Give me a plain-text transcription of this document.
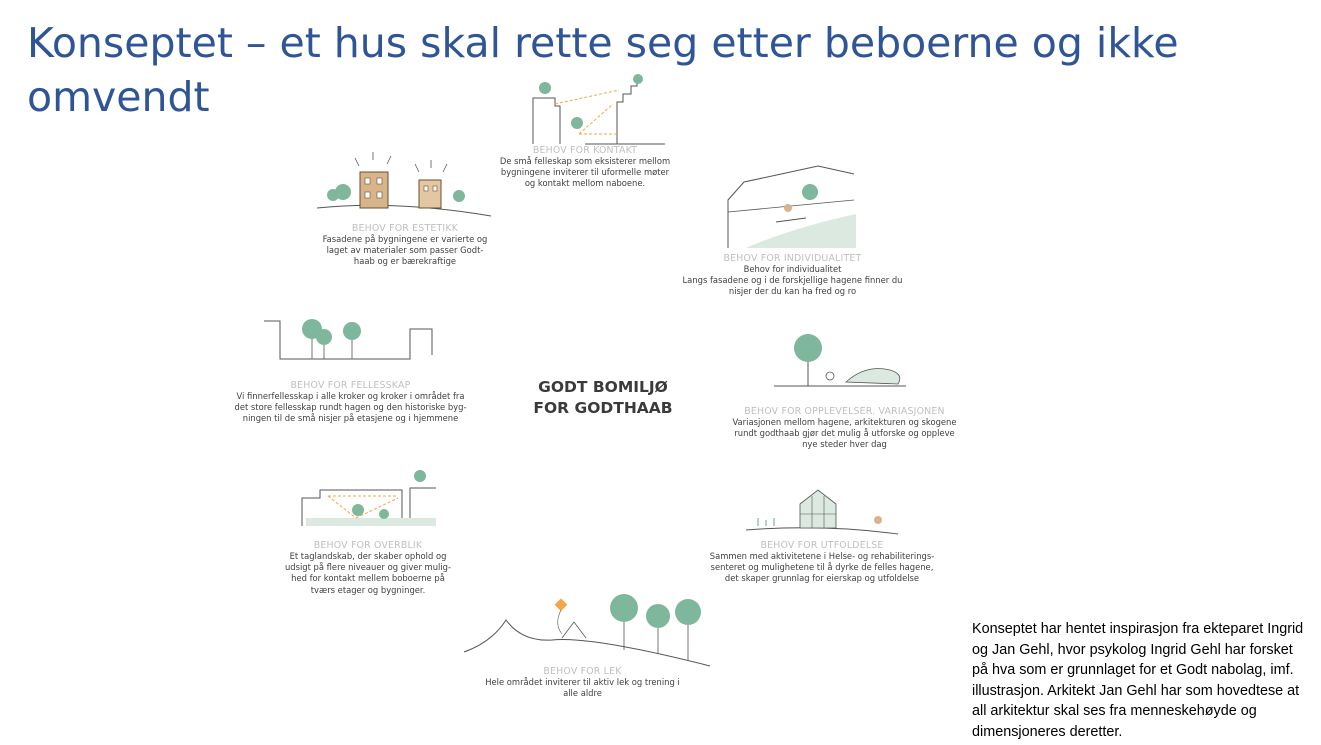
Konseptet – et hus skal rette seg etter beboerne og ikke omvendt
BEHOV FOR KONTAKT
De små felleskap som eksisterer mellom
bygningene inviterer til uformelle møter
og kontakt mellom naboene.
BEHOV FOR ESTETIKK
Fasadene på bygningene er varierte og
laget av materialer som passer Godt-
haab og er bærekraftige	BEHOV FOR INDIVIDUALITET
Behov for individualitet
Langs fasadene og i de forskjellige hagene finner du
nisjer der du kan ha fred og ro
BEHOV FOR FELLESSKAP
Vi finnerfellesskap i alle kroker og kroker i området fra
det store fellesskap rundt hagen og den historiske byg-
ningen til de små nisjer på etasjene og i hjemmene
GODT BOMILJØ
FOR GODTHAAB	BEHOV FOR OPPLEVELSER. VARIASJONEN
Variasjonen mellom hagene, arkitekturen og skogene
rundt godthaab gjør det mulig å utforske og oppleve
nye steder hver dag
BEHOV FOR OVERBLIK
Et taglandskab, der skaber ophold og
udsigt på flere niveauer og giver mulig-
hed for kontakt mellem boboerne på
tværs etager og bygninger.
BEHOV FOR UTFOLDELSE
Sammen med aktivitetene i Helse- og rehabiliterings-
senteret og mulighetene til å dyrke de felles hagene,
det skaper grunnlag for eierskap og utfoldelse
BEHOV FOR LEK
Hele området inviterer til aktiv lek og trening i
alle aldre
Konseptet har hentet inspirasjon fra ekteparet Ingrid og Jan Gehl, hvor psykolog Ingrid Gehl har forsket på hva som er grunnlaget for et Godt nabolag, imf. illustrasjon. Arkitekt Jan Gehl har som hovedtese at all arkitektur skal ses fra menneskehøyde og dimensjoneres deretter.
